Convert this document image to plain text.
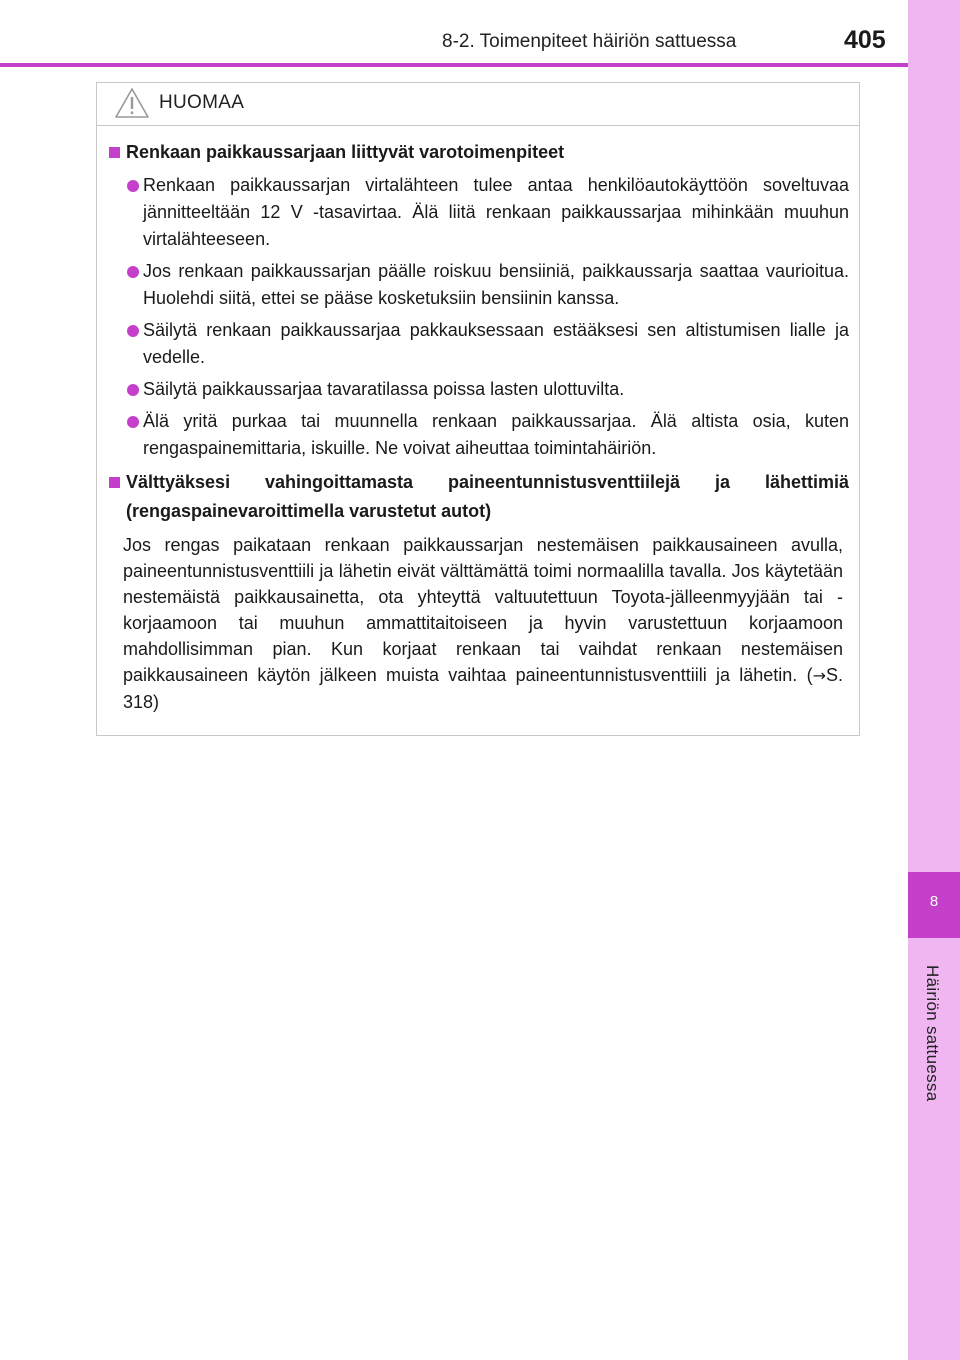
8
Häiriön sattuessa
8-2. Toimenpiteet häiriön sattuessa	405
HUOMAA
Renkaan paikkaussarjaan liittyvät varotoimenpiteet
Renkaan paikkaussarjan virtalähteen tulee antaa henkilöautokäyttöön soveltuvaa jännitteeltään 12 V -tasavirtaa. Älä liitä renkaan paikkaussarjaa mihinkään muuhun virtalähteeseen.
Jos renkaan paikkaussarjan päälle roiskuu bensiiniä, paikkaussarja saattaa vaurioitua. Huolehdi siitä, ettei se pääse kosketuksiin bensiinin kanssa.
Säilytä renkaan paikkaussarjaa pakkauksessaan estääksesi sen altistumisen lialle ja vedelle.
Säilytä paikkaussarjaa tavaratilassa poissa lasten ulottuvilta.
Älä yritä purkaa tai muunnella renkaan paikkaussarjaa. Älä altista osia, kuten rengaspainemittaria, iskuille. Ne voivat aiheuttaa toimintahäiriön.
Välttyäksesi vahingoittamasta paineentunnistusventtiilejä ja lähettimiä (rengaspainevaroittimella varustetut autot)
Jos rengas paikataan renkaan paikkaussarjan nestemäisen paikkausaineen avulla, paineentunnistusventtiili ja lähetin eivät välttämättä toimi normaalilla tavalla. Jos käytetään nestemäistä paikkausainetta, ota yhteyttä valtuutettuun Toyota-jälleenmyyjään tai -korjaamoon tai muuhun ammattitaitoiseen ja hyvin varustettuun korjaamoon mahdollisimman pian. Kun korjaat renkaan tai vaihdat renkaan nestemäisen paikkausaineen käytön jälkeen muista vaihtaa paineentunnistusventtiili ja lähetin. (→S. 318)
